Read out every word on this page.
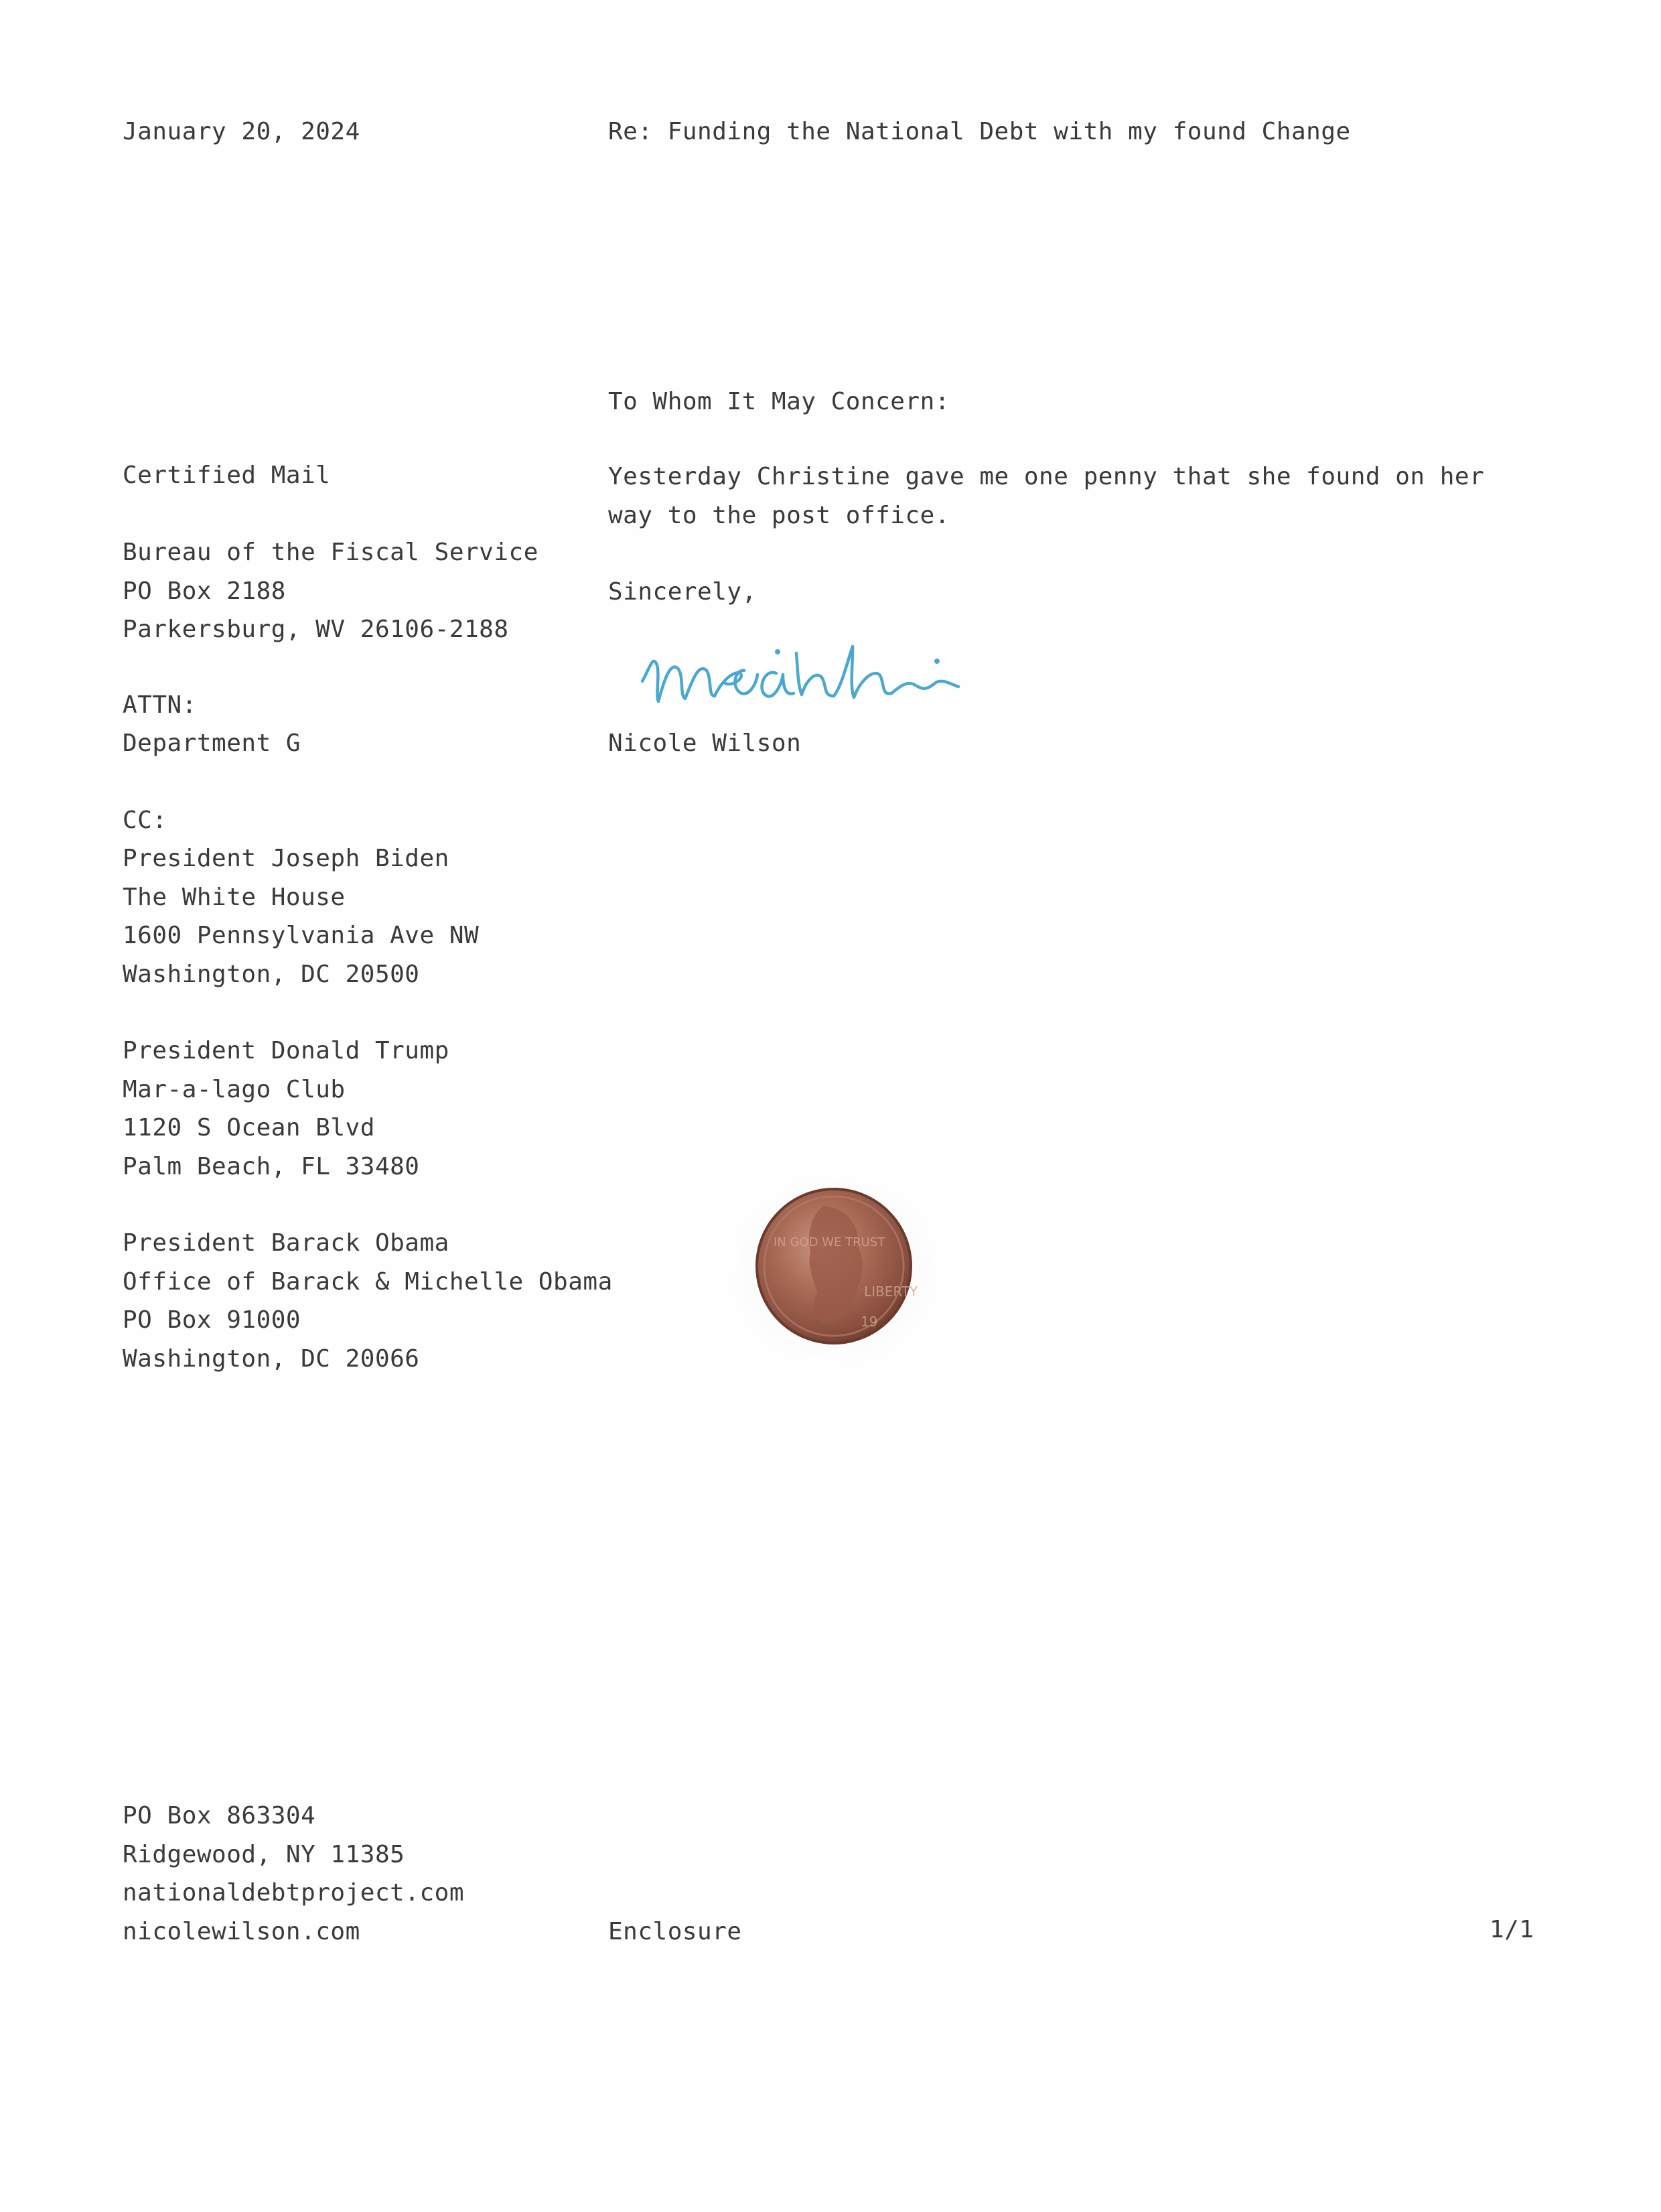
January 20, 2024	Re: Funding the National Debt with my found Change
To Whom It May Concern:
Certified Mail	Yesterday Christine gave me one penny that she found on her way to the post office.
Bureau of the Fiscal Service
PO Box 2188
Parkersburg, WV 26106-2188
Sincerely,
ATTN:
Department G	Nicole Wilson
CC:
President Joseph Biden
The White House
1600 Pennsylvania Ave NW
Washington, DC 20500
President Donald Trump
Mar-a-lago Club
1120 S Ocean Blvd
Palm Beach, FL 33480
President Barack Obama
Office of Barack & Michelle Obama
PO Box 91000
Washington, DC 20066
IN GOD WE TRUST
LIBERTY
19
PO Box 863304
Ridgewood, NY 11385
nationaldebtproject.com
nicolewilson.com	Enclosure	1/1
